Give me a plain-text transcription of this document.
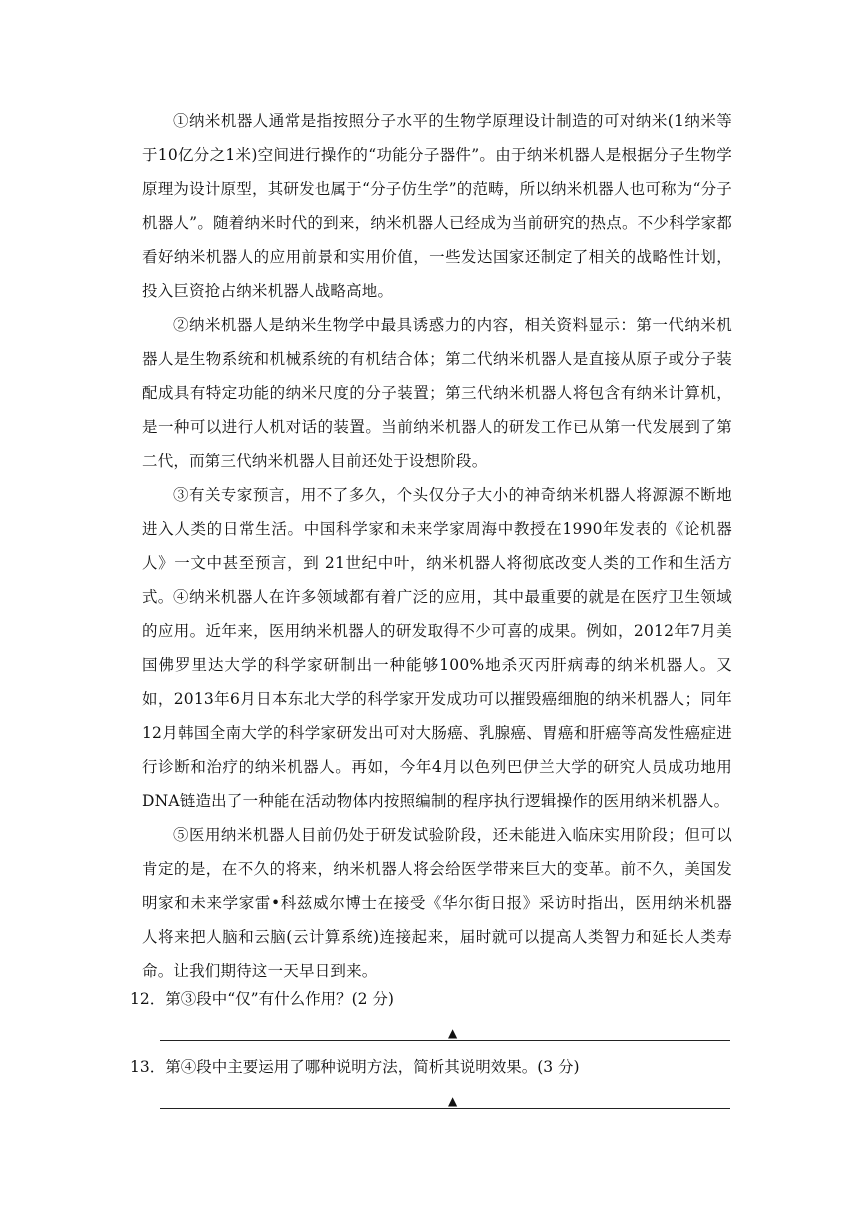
①纳米机器人通常是指按照分子水平的生物学原理设计制造的可对纳米(1纳米等于10亿分之1米)空间进行操作的“功能分子器件”。由于纳米机器人是根据分子生物学原理为设计原型，其研发也属于“分子仿生学”的范畴，所以纳米机器人也可称为“分子机器人”。随着纳米时代的到来，纳米机器人已经成为当前研究的热点。不少科学家都看好纳米机器人的应用前景和实用价值，一些发达国家还制定了相关的战略性计划，投入巨资抢占纳米机器人战略高地。

②纳米机器人是纳米生物学中最具诱惑力的内容，相关资料显示：第一代纳米机器人是生物系统和机械系统的有机结合体；第二代纳米机器人是直接从原子或分子装配成具有特定功能的纳米尺度的分子装置；第三代纳米机器人将包含有纳米计算机，是一种可以进行人机对话的装置。当前纳米机器人的研发工作已从第一代发展到了第二代，而第三代纳米机器人目前还处于设想阶段。

③有关专家预言，用不了多久，个头仅分子大小的神奇纳米机器人将源源不断地进入人类的日常生活。中国科学家和未来学家周海中教授在1990年发表的《论机器人》一文中甚至预言，到 21世纪中叶，纳米机器人将彻底改变人类的工作和生活方式。 ④纳米机器人在许多领域都有着广泛的应用，其中最重要的就是在医疗卫生领域的应用。近年来，医用纳米机器人的研发取得不少可喜的成果。例如，2012年7月美国佛罗里达大学的科学家研制出一种能够100%地杀灭丙肝病毒的纳米机器人。又如，2013年6月日本东北大学的科学家开发成功可以摧毁癌细胞的纳米机器人；同年12月韩国全南大学的科学家研发出可对大肠癌、乳腺癌、胃癌和肝癌等高发性癌症进行诊断和治疗的纳米机器人。再如，今年4月以色列巴伊兰大学的研究人员成功地用DNA链造出了一种能在活动物体内按照编制的程序执行逻辑操作的医用纳米机器人。

⑤医用纳米机器人目前仍处于研发试验阶段，还未能进入临床实用阶段；但可以肯定的是，在不久的将来，纳米机器人将会给医学带来巨大的变革。前不久，美国发明家和未来学家雷•科兹威尔博士在接受《华尔街日报》采访时指出，医用纳米机器人将来把人脑和云脑(云计算系统)连接起来，届时就可以提高人类智力和延长人类寿命。让我们期待这一天早日到来。

12．第③段中“仅”有什么作用？(2 分)

▲

13．第④段中主要运用了哪种说明方法，简析其说明效果。(3 分)

▲
